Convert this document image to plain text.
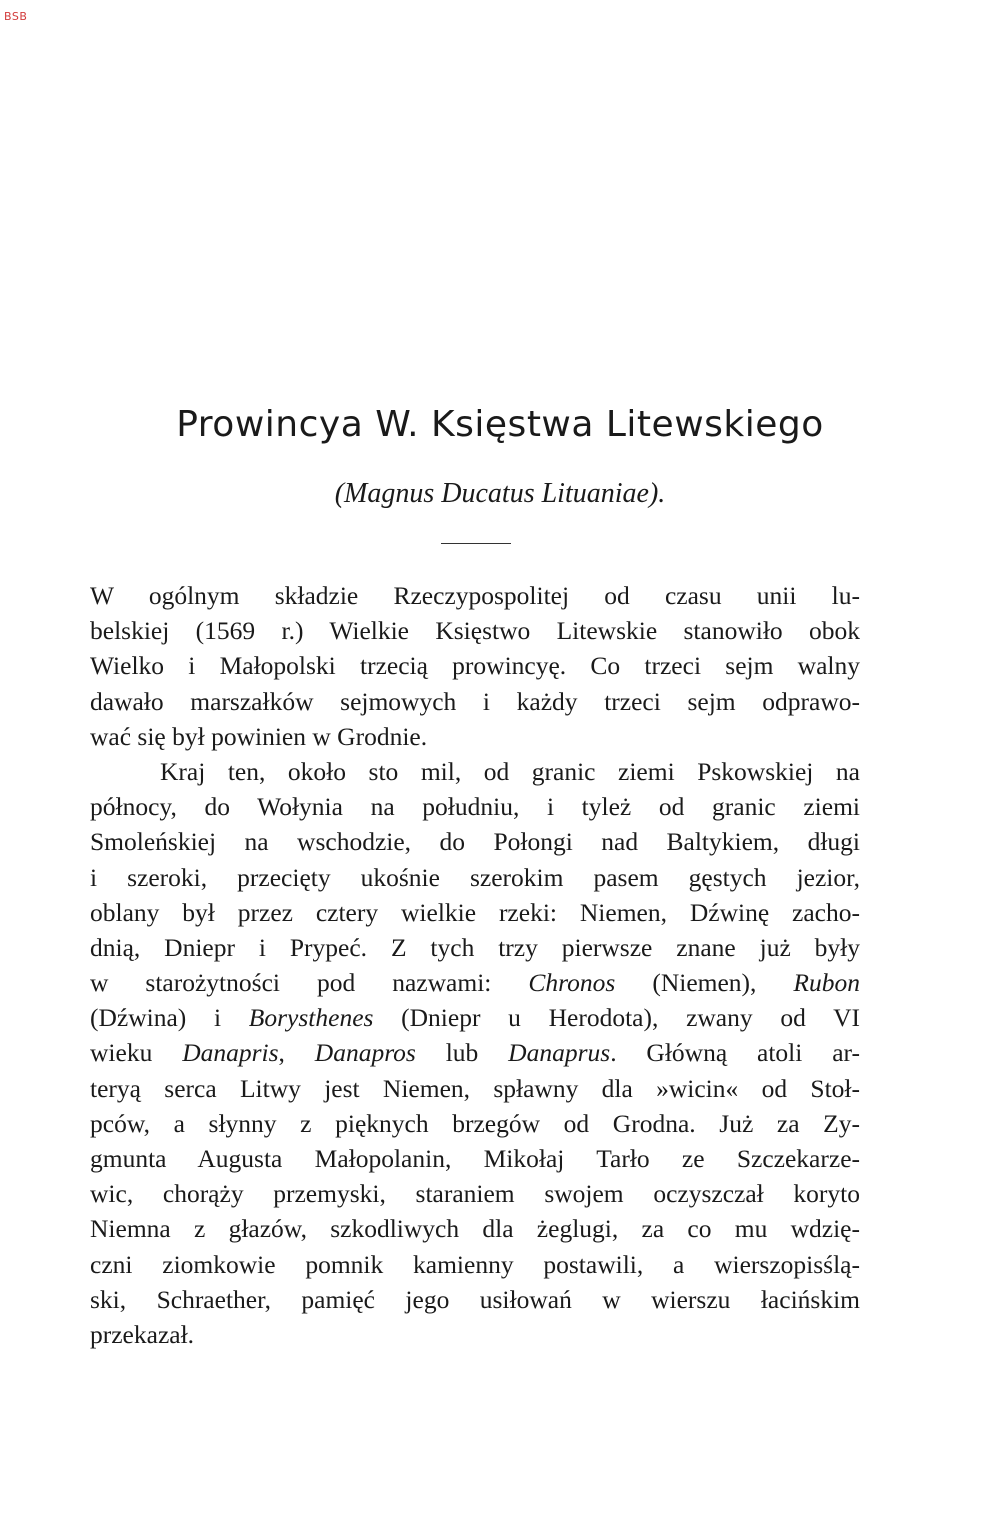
BSB
Prowincya W. Księstwa Litewskiego

(Magnus Ducatus Lituaniae).

W ogólnym składzie Rzeczypospolitej od czasu unii lu-
belskiej (1569 r.) Wielkie Księstwo Litewskie stanowiło obok
Wielko i Małopolski trzecią prowincyę. Co trzeci sejm walny
dawało marszałków sejmowych i każdy trzeci sejm odprawo-
wać się był powinien w Grodnie.
Kraj ten, około sto mil, od granic ziemi Pskowskiej na
północy, do Wołynia na południu, i tyleż od granic ziemi
Smoleńskiej na wschodzie, do Połongi nad Baltykiem, długi
i szeroki, przecięty ukośnie szerokim pasem gęstych jezior,
oblany był przez cztery wielkie rzeki: Niemen, Dźwinę zacho-
dnią, Dniepr i Prypeć. Z tych trzy pierwsze znane już były
w starożytności pod nazwami: Chronos (Niemen), Rubon
(Dźwina) i Borysthenes (Dniepr u Herodota), zwany od VI
wieku Danapris, Danapros lub Danaprus. Główną atoli ar-
teryą serca Litwy jest Niemen, spławny dla »wicin« od Stoł-
pców, a słynny z pięknych brzegów od Grodna. Już za Zy-
gmunta Augusta Małopolanin, Mikołaj Tarło ze Szczekarze-
wic, chorąży przemyski, staraniem swojem oczyszczał koryto
Niemna z głazów, szkodliwych dla żeglugi, za co mu wdzię-
czni ziomkowie pomnik kamienny postawili, a wierszopisślą-
ski, Schraether, pamięć jego usiłowań w wierszu łacińskim
przekazał.
